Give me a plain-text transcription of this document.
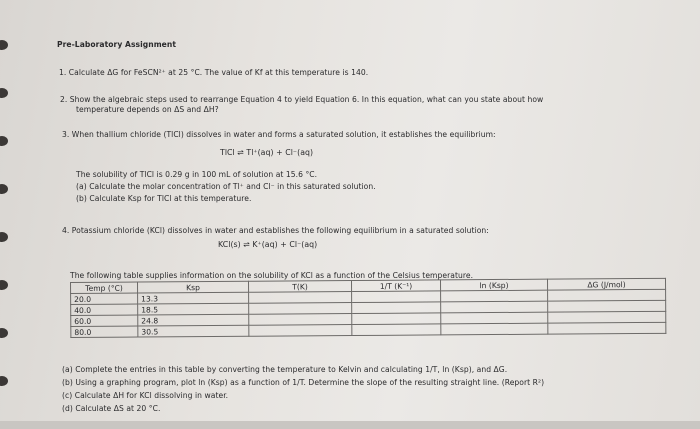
Pre-Laboratory Assignment
1. Calculate ΔG for FeSCN²⁺ at 25 °C. The value of Kf at this temperature is 140.
2. Show the algebraic steps used to rearrange Equation 4 to yield Equation 6. In this equation, what can you state about how
temperature depends on ΔS and ΔH?
3. When thallium chloride (TlCl) dissolves in water and forms a saturated solution, it establishes the equilibrium:
TlCl ⇌ Tl⁺(aq) + Cl⁻(aq)
The solubility of TlCl is 0.29 g in 100 mL of solution at 15.6 °C.
(a) Calculate the molar concentration of Tl⁺ and Cl⁻ in this saturated solution.
(b) Calculate Ksp for TlCl at this temperature.
4. Potassium chloride (KCl) dissolves in water and establishes the following equilibrium in a saturated solution:
KCl(s) ⇌ K⁺(aq) + Cl⁻(aq)
The following table supplies information on the solubility of KCl as a function of the Celsius temperature.
Temp (°C)	Ksp	T(K)	1/T (K⁻¹)	ln (Ksp)	ΔG (J/mol)
20.0	13.3				
40.0	18.5				
60.0	24.8				
80.0	30.5				
(a) Complete the entries in this table by converting the temperature to Kelvin and calculating 1/T, ln (Ksp), and ΔG.
(b) Using a graphing program, plot ln (Ksp) as a function of 1/T. Determine the slope of the resulting straight line. (Report R²)
(c) Calculate ΔH for KCl dissolving in water.
(d) Calculate ΔS at 20 °C.
